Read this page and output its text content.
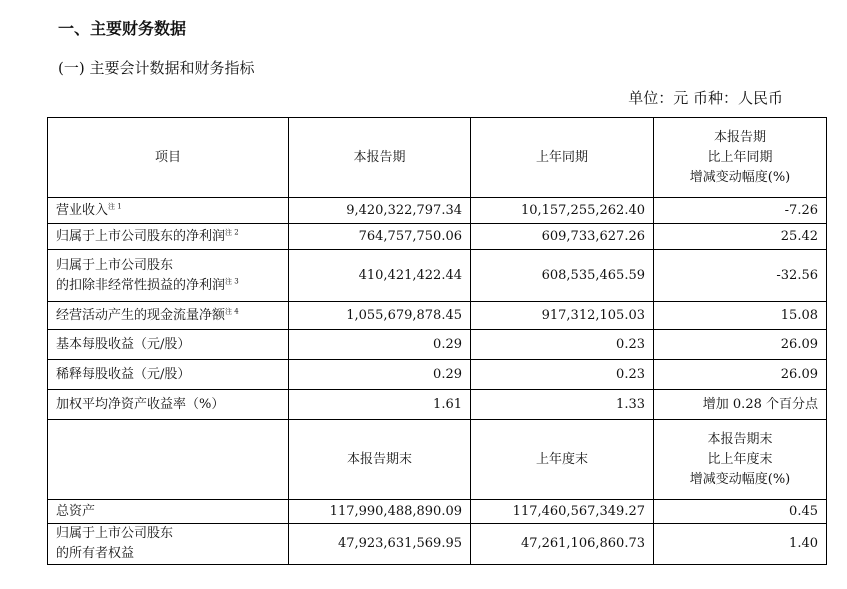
一、主要财务数据
(一) 主要会计数据和财务指标
单位：元 币种：人民币
项目	本报告期	上年同期	本报告期
比上年同期
增减变动幅度(%)

营业收入$^{注 1}$	9,420,322,797.34	10,157,255,262.40	-7.26
归属于上市公司股东的净利润$^{注 2}$	764,757,750.06	609,733,627.26	25.42

归属于上市公司股东
的扣除非经常性损益的净利润$^{注 3}$	410,421,422.44	608,535,465.59	-32.56
经营活动产生的现金流量净额$^{注 4}$	1,055,679,878.45	917,312,105.03	15.08
基本每股收益（元/股）	0.29	0.23	26.09
稀释每股收益（元/股）	0.29	0.23	26.09
加权平均净资产收益率（%）	1.61	1.33	增加 0.28 个百分点
	本报告期末	上年度末	本报告期末
比上年度末
增减变动幅度(%)

总资产	117,990,488,890.09	117,460,567,349.27	0.45

归属于上市公司股东
的所有者权益	47,923,631,569.95	47,261,106,860.73	1.40
